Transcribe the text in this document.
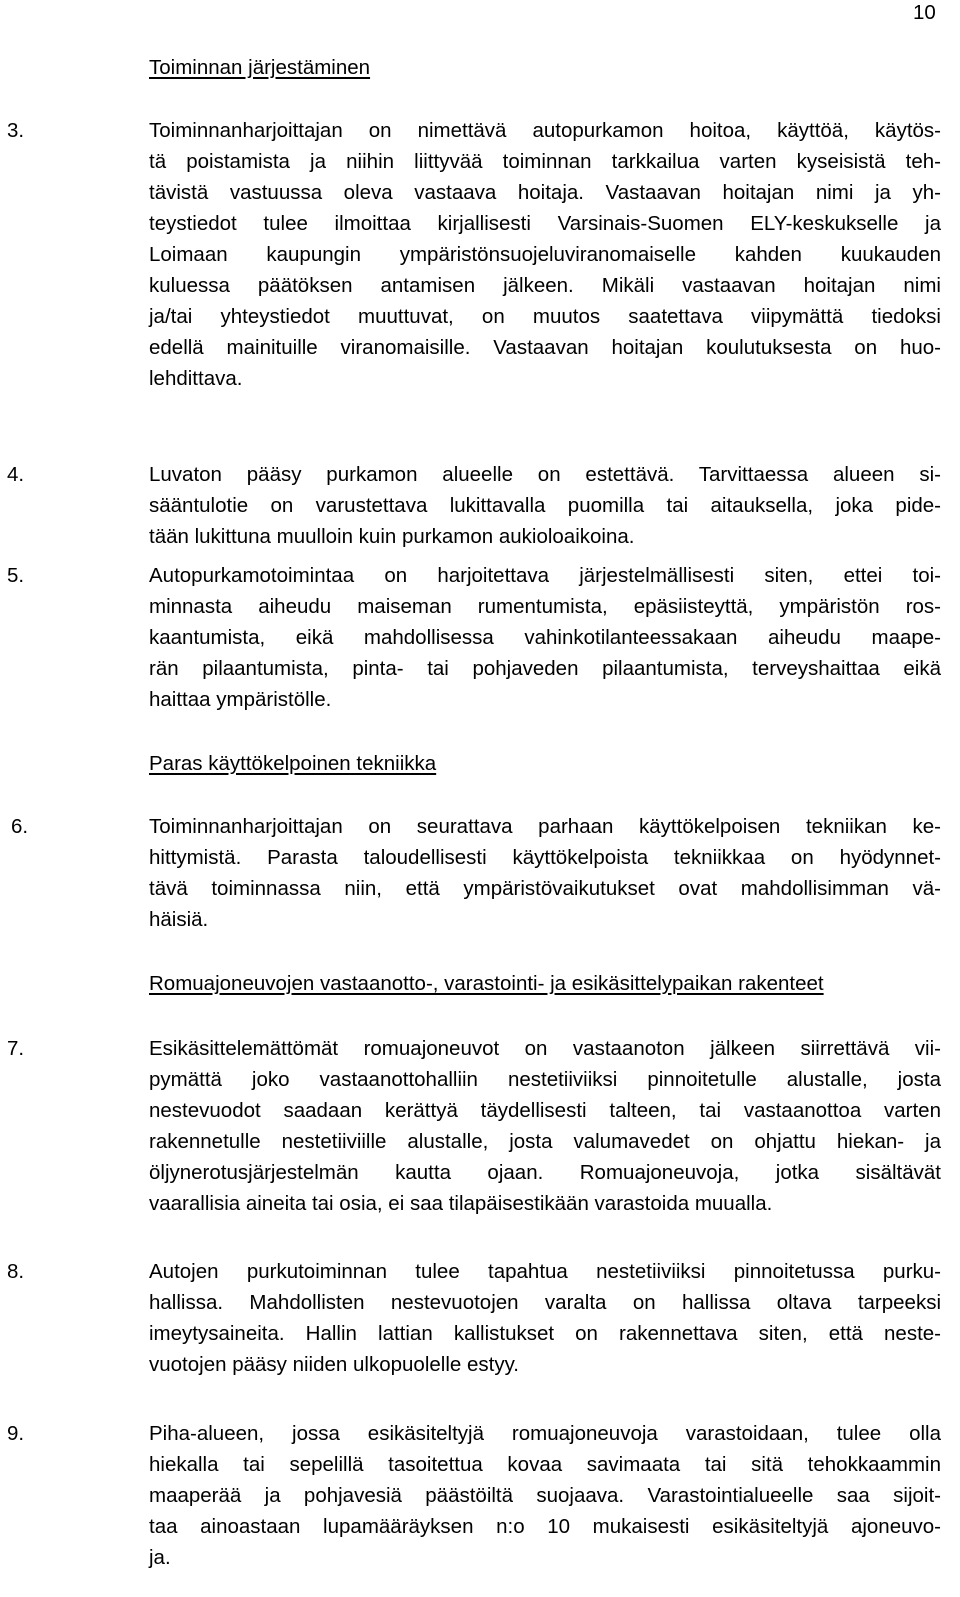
10
Toiminnan järjestäminen
3.	Toiminnanharjoittajan on nimettävä autopurkamon hoitoa, käyttöä, käytös-
tä poistamista ja niihin liittyvää toiminnan tarkkailua varten kyseisistä teh-
tävistä vastuussa oleva vastaava hoitaja. Vastaavan hoitajan nimi ja yh-
teystiedot tulee ilmoittaa kirjallisesti Varsinais-Suomen ELY-keskukselle ja
Loimaan kaupungin ympäristönsuojeluviranomaiselle kahden kuukauden
kuluessa päätöksen antamisen jälkeen. Mikäli vastaavan hoitajan nimi
ja/tai yhteystiedot muuttuvat, on muutos saatettava viipymättä tiedoksi
edellä mainituille viranomaisille. Vastaavan hoitajan koulutuksesta on huo-
lehdittava.
4.	Luvaton pääsy purkamon alueelle on estettävä. Tarvittaessa alueen si-
sääntulotie on varustettava lukittavalla puomilla tai aitauksella, joka pide-
tään lukittuna muulloin kuin purkamon aukioloaikoina.
5.	Autopurkamotoimintaa on harjoitettava järjestelmällisesti siten, ettei toi-
minnasta aiheudu maiseman rumentumista, epäsiisteyttä, ympäristön ros-
kaantumista, eikä mahdollisessa vahinkotilanteessakaan aiheudu maape-
rän pilaantumista, pinta- tai pohjaveden pilaantumista, terveyshaittaa eikä
haittaa ympäristölle.
Paras käyttökelpoinen tekniikka
6.	Toiminnanharjoittajan on seurattava parhaan käyttökelpoisen tekniikan ke-
hittymistä. Parasta taloudellisesti käyttökelpoista tekniikkaa on hyödynnet-
tävä toiminnassa niin, että ympäristövaikutukset ovat mahdollisimman vä-
häisiä.
Romuajoneuvojen vastaanotto-, varastointi- ja esikäsittelypaikan rakenteet
7.	Esikäsittelemättömät romuajoneuvot on vastaanoton jälkeen siirrettävä vii-
pymättä joko vastaanottohalliin nestetiiviiksi pinnoitetulle alustalle, josta
nestevuodot saadaan kerättyä täydellisesti talteen, tai vastaanottoa varten
rakennetulle nestetiiviille alustalle, josta valumavedet on ohjattu hiekan- ja
öljynerotusjärjestelmän kautta ojaan. Romuajoneuvoja, jotka sisältävät
vaarallisia aineita tai osia, ei saa tilapäisestikään varastoida muualla.
8.	Autojen purkutoiminnan tulee tapahtua nestetiiviiksi pinnoitetussa purku-
hallissa. Mahdollisten nestevuotojen varalta on hallissa oltava tarpeeksi
imeytysaineita. Hallin lattian kallistukset on rakennettava siten, että neste-
vuotojen pääsy niiden ulkopuolelle estyy.
9.	Piha-alueen, jossa esikäsiteltyjä romuajoneuvoja varastoidaan, tulee olla
hiekalla tai sepelillä tasoitettua kovaa savimaata tai sitä tehokkaammin
maaperää ja pohjavesiä päästöiltä suojaava. Varastointialueelle saa sijoit-
taa ainoastaan lupamääräyksen n:o 10 mukaisesti esikäsiteltyjä ajoneuvo-
ja.
